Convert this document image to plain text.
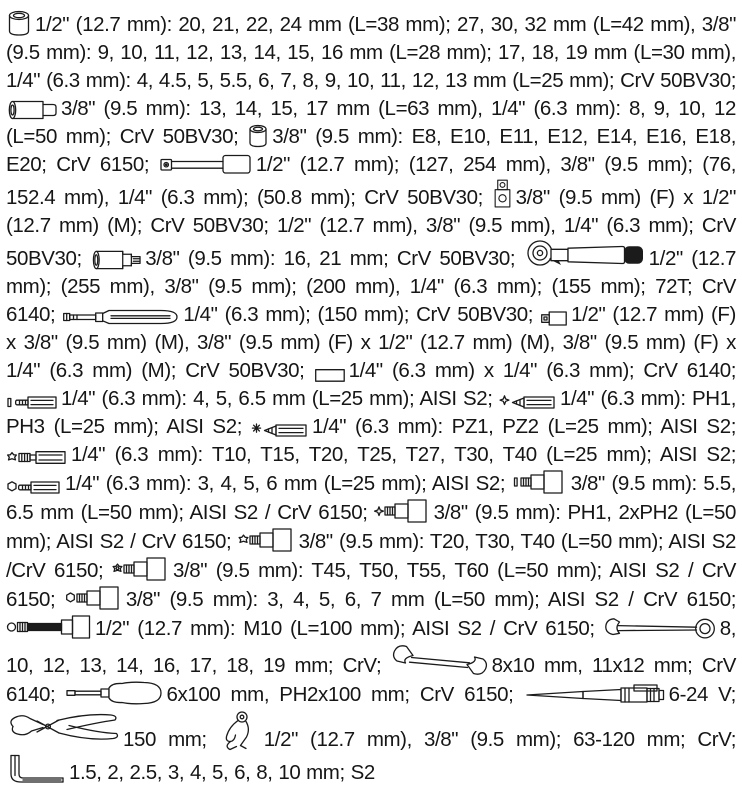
1/2" (12.7 mm): 20, 21, 22, 24 mm (L=38 mm); 27, 30, 32 mm (L=42 mm), 3/8" (9.5 mm): 9, 10, 11, 12, 13, 14, 15, 16 mm (L=28 mm); 17, 18, 19 mm (L=30 mm), 1/4" (6.3 mm): 4, 4.5, 5, 5.5, 6, 7, 8, 9, 10, 11, 12, 13 mm (L=25 mm); CrV 50BV30; 3/8" (9.5 mm): 13, 14, 15, 17 mm (L=63 mm), 1/4" (6.3 mm): 8, 9, 10, 12 (L=50 mm); CrV 50BV30; 3/8" (9.5 mm): E8, E10, E11, E12, E14, E16, E18, E20; CrV 6150;	1/2" (12.7 mm); (127, 254 mm), 3/8" (9.5 mm); (76, 152.4 mm), 1/4" (6.3 mm); (50.8 mm); CrV 50BV30; 3/8" (9.5 mm) (F) x 1/2" (12.7 mm) (M); CrV 50BV30; 1/2" (12.7 mm), 3/8" (9.5 mm), 1/4" (6.3 mm); CrV 50BV30;	3/8" (9.5 mm): 16, 21 mm; CrV 50BV30;	1/2" (12.7 mm); (255 mm), 3/8" (9.5 mm); (200 mm), 1/4" (6.3 mm); (155 mm); 72T; CrV 6140;	1/4" (6.3 mm); (150 mm); CrV 50BV30; 1/2" (12.7 mm) (F) x 3/8" (9.5 mm) (M), 3/8" (9.5 mm) (F) x 1/2" (12.7 mm) (M), 3/8" (9.5 mm) (F) x 1/4" (6.3 mm) (M); CrV 50BV30; 1/4" (6.3 mm) x 1/4" (6.3 mm); CrV 6140; 1/4" (6.3 mm): 4, 5, 6.5 mm (L=25 mm); AISI S2;	1/4" (6.3 mm): PH1, PH3 (L=25 mm); AISI S2;	1/4" (6.3 mm): PZ1, PZ2 (L=25 mm); AISI S2; 1/4" (6.3 mm): T10, T15, T20, T25, T27, T30, T40 (L=25 mm); AISI S2; 1/4" (6.3 mm): 3, 4, 5, 6 mm (L=25 mm); AISI S2;	3/8" (9.5 mm): 5.5, 6.5 mm (L=50 mm); AISI S2 / CrV 6150;	3/8" (9.5 mm): PH1, 2xPH2 (L=50 mm); AISI S2 / CrV 6150;	3/8" (9.5 mm): T20, T30, T40 (L=50 mm); AISI S2 /CrV 6150;	3/8" (9.5 mm): T45, T50, T55, T60 (L=50 mm); AISI S2 / CrV 6150;	3/8" (9.5 mm): 3, 4, 5, 6, 7 mm (L=50 mm); AISI S2 / CrV 6150; 1/2" (12.7 mm): M10 (L=100 mm); AISI S2 / CrV 6150;	8, 10, 12, 13, 14, 16, 17, 18, 19 mm; CrV;	8x10 mm, 11x12 mm; CrV 6140;	6x100 mm, PH2x100 mm; CrV 6150;	6-24 V; 150 mm; 1/2" (12.7 mm), 3/8" (9.5 mm); 63-120 mm; CrV; 1.5, 2, 2.5, 3, 4, 5, 6, 8, 10 mm; S2
